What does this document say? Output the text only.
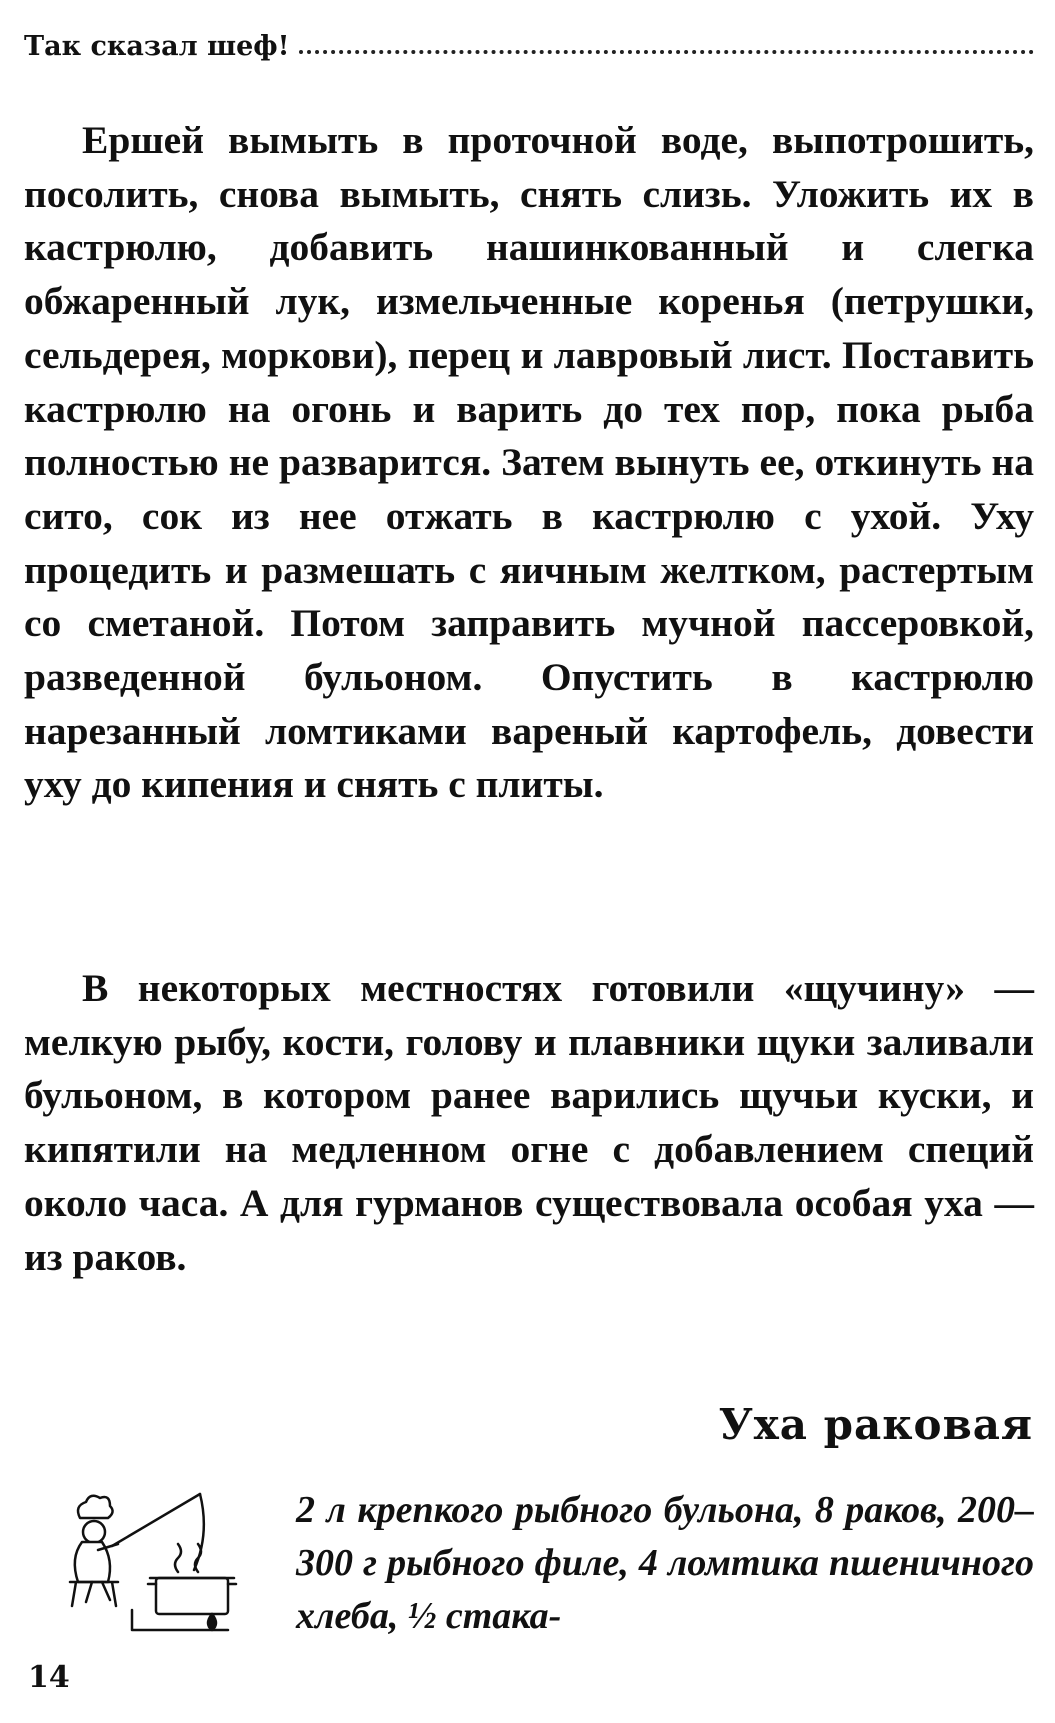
Так сказал шеф!

Ершей вымыть в проточной воде, выпотрошить, посолить, снова вымыть, снять слизь. Уложить их в кастрюлю, добавить нашинкованный и слегка обжаренный лук, измельченные коренья (петрушки, сельдерея, моркови), перец и лавровый лист. Поставить кастрюлю на огонь и варить до тех пор, пока рыба полностью не разварится. Затем вынуть ее, откинуть на сито, сок из нее отжать в кастрюлю с ухой. Уху процедить и размешать с яичным желтком, растертым со сметаной. Потом заправить мучной пассеровкой, разведенной бульоном. Опустить в кастрюлю нарезанный ломтиками вареный картофель, довести уху до кипения и снять с плиты.

В некоторых местностях готовили «щучину» — мелкую рыбу, кости, голову и плавники щуки заливали бульоном, в котором ранее варились щучьи куски, и кипятили на медленном огне с добавлением специй около часа. А для гурманов существовала особая уха — из раков.

Уха раковая

2 л крепкого рыбного бульона, 8 раков, 200–300 г рыбного филе, 4 ломтика пшеничного хлеба, ½ стака-

14
